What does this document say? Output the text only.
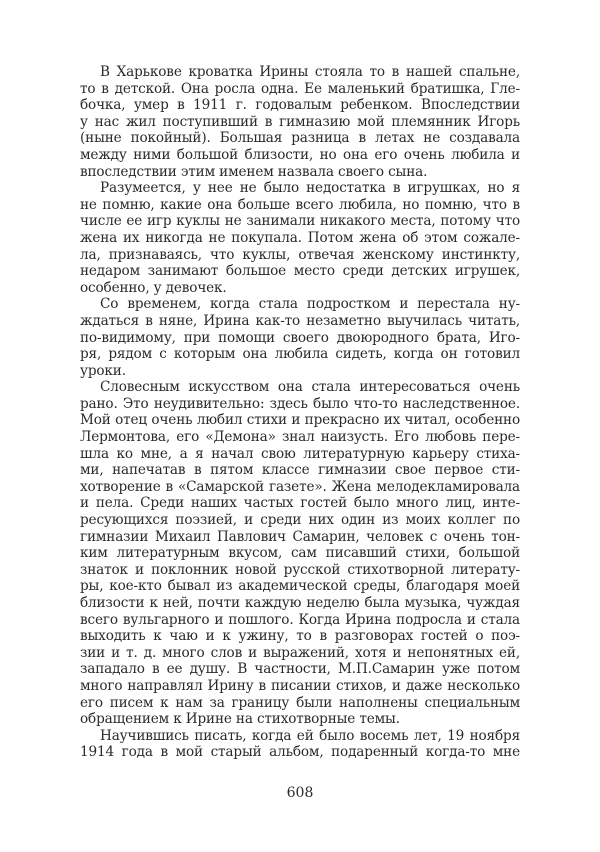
В Харькове кроватка Ирины стояла то в нашей спальне,
то в детской. Она росла одна. Ее маленький братишка, Гле-
бочка, умер в 1911 г. годовалым ребенком. Впоследствии
у нас жил поступивший в гимназию мой племянник Игорь
(ныне покойный). Большая разница в летах не создавала
между ними большой близости, но она его очень любила и
впоследствии этим именем назвала своего сына.
Разумеется, у нее не было недостатка в игрушках, но я
не помню, какие она больше всего любила, но помню, что в
числе ее игр куклы не занимали никакого места, потому что
жена их никогда не покупала. Потом жена об этом сожале-
ла, признаваясь, что куклы, отвечая женскому инстинкту,
недаром занимают большое место среди детских игрушек,
особенно, у девочек.
Со временем, когда стала подростком и перестала ну-
ждаться в няне, Ирина как-то незаметно выучилась читать,
по-видимому, при помощи своего двоюродного брата, Иго-
ря, рядом с которым она любила сидеть, когда он готовил
уроки.
Словесным искусством она стала интересоваться очень
рано. Это неудивительно: здесь было что-то наследственное.
Мой отец очень любил стихи и прекрасно их читал, особенно
Лермонтова, его «Демона» знал наизусть. Его любовь пере-
шла ко мне, а я начал свою литературную карьеру стиха-
ми, напечатав в пятом классе гимназии свое первое сти-
хотворение в «Самарской газете». Жена мелодекламировала
и пела. Среди наших частых гостей было много лиц, инте-
ресующихся поэзией, и среди них один из моих коллег по
гимназии Михаил Павлович Самарин, человек с очень тон-
ким литературным вкусом, сам писавший стихи, большой
знаток и поклонник новой русской стихотворной литерату-
ры, кое-кто бывал из академической среды, благодаря моей
близости к ней, почти каждую неделю была музыка, чуждая
всего вульгарного и пошлого. Когда Ирина подросла и стала
выходить к чаю и к ужину, то в разговорах гостей о поэ-
зии и т. д. много слов и выражений, хотя и непонятных ей,
западало в ее душу. В частности, М.П.Самарин уже потом
много направлял Ирину в писании стихов, и даже несколько
его писем к нам за границу были наполнены специальным
обращением к Ирине на стихотворные темы.
Научившись писать, когда ей было восемь лет, 19 ноября
1914 года в мой старый альбом, подаренный когда-то мне
608
